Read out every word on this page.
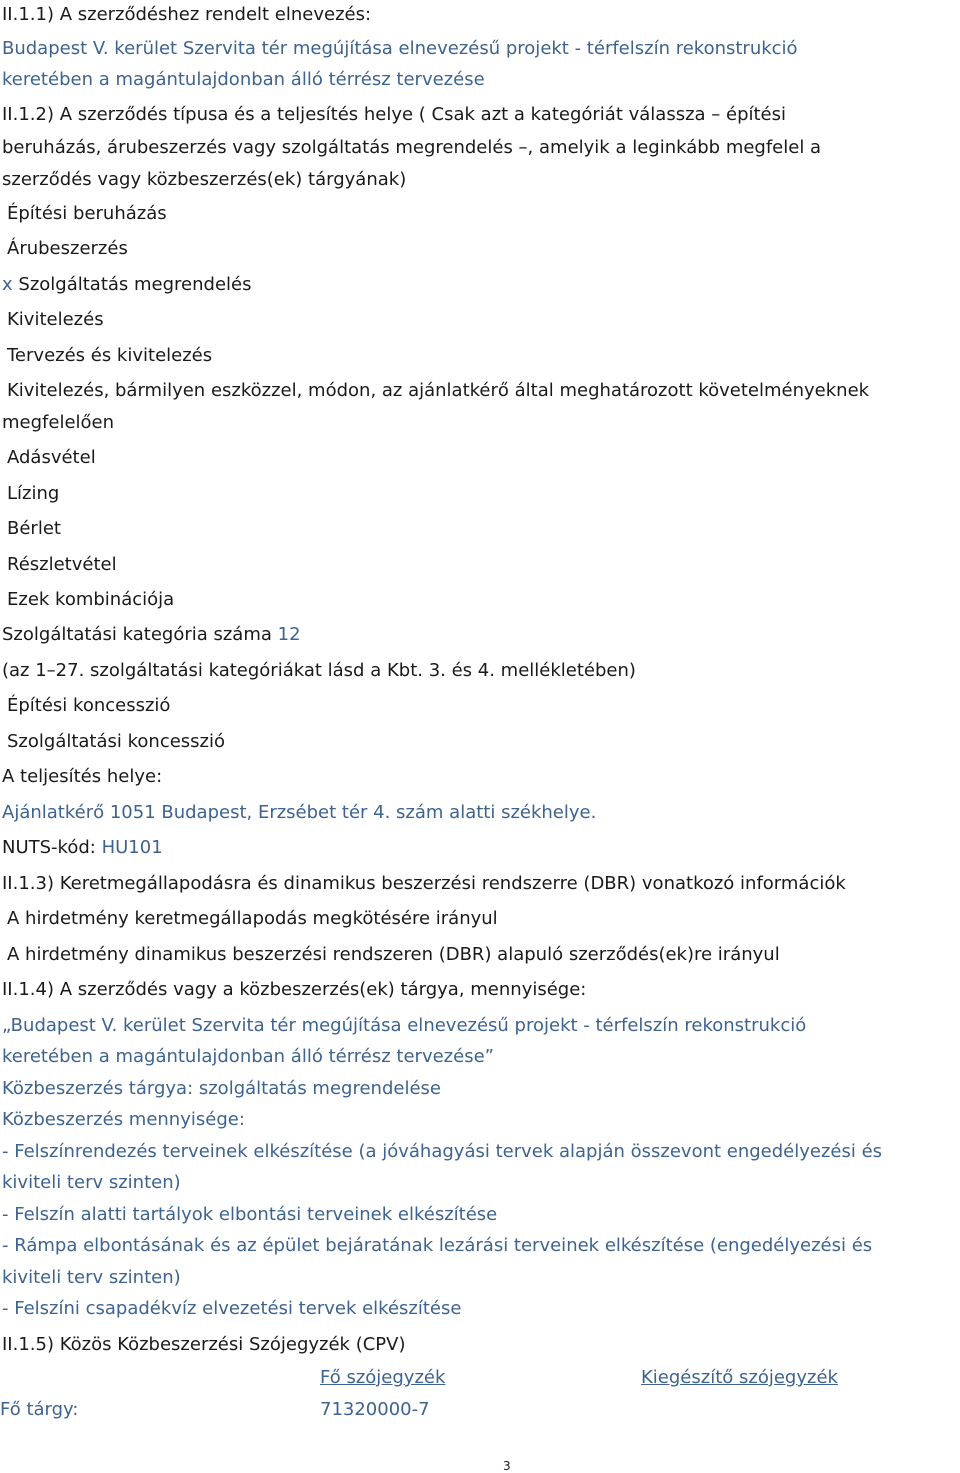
II.1.1) A szerződéshez rendelt elnevezés:
Budapest V. kerület Szervita tér megújítása elnevezésű projekt - térfelszín rekonstrukció
keretében a magántulajdonban álló térrész tervezése
II.1.2) A szerződés típusa és a teljesítés helye ( Csak azt a kategóriát válassza – építési
beruházás, árubeszerzés vagy szolgáltatás megrendelés –, amelyik a leginkább megfelel a
szerződés vagy közbeszerzés(ek) tárgyának)
Építési beruházás
Árubeszerzés
x Szolgáltatás megrendelés
Kivitelezés
Tervezés és kivitelezés
Kivitelezés, bármilyen eszközzel, módon, az ajánlatkérő által meghatározott követelményeknek
megfelelően
Adásvétel
Lízing
Bérlet
Részletvétel
Ezek kombinációja
Szolgáltatási kategória száma 12
(az 1–27. szolgáltatási kategóriákat lásd a Kbt. 3. és 4. mellékletében)
Építési koncesszió
Szolgáltatási koncesszió
A teljesítés helye:
Ajánlatkérő 1051 Budapest, Erzsébet tér 4. szám alatti székhelye.
NUTS-kód: HU101
II.1.3) Keretmegállapodásra és dinamikus beszerzési rendszerre (DBR) vonatkozó információk
A hirdetmény keretmegállapodás megkötésére irányul
A hirdetmény dinamikus beszerzési rendszeren (DBR) alapuló szerződés(ek)re irányul
II.1.4) A szerződés vagy a közbeszerzés(ek) tárgya, mennyisége:
„Budapest V. kerület Szervita tér megújítása elnevezésű projekt - térfelszín rekonstrukció
keretében a magántulajdonban álló térrész tervezése”
Közbeszerzés tárgya: szolgáltatás megrendelése
Közbeszerzés mennyisége:
- Felszínrendezés terveinek elkészítése (a jóváhagyási tervek alapján összevont engedélyezési és
kiviteli terv szinten)
- Felszín alatti tartályok elbontási terveinek elkészítése
- Rámpa elbontásának és az épület bejáratának lezárási terveinek elkészítése (engedélyezési és
kiviteli terv szinten)
- Felszíni csapadékvíz elvezetési tervek elkészítése
II.1.5) Közös Közbeszerzési Szójegyzék (CPV)
Fő szójegyzék	Kiegészítő szójegyzék
Fő tárgy:	71320000-7
3
